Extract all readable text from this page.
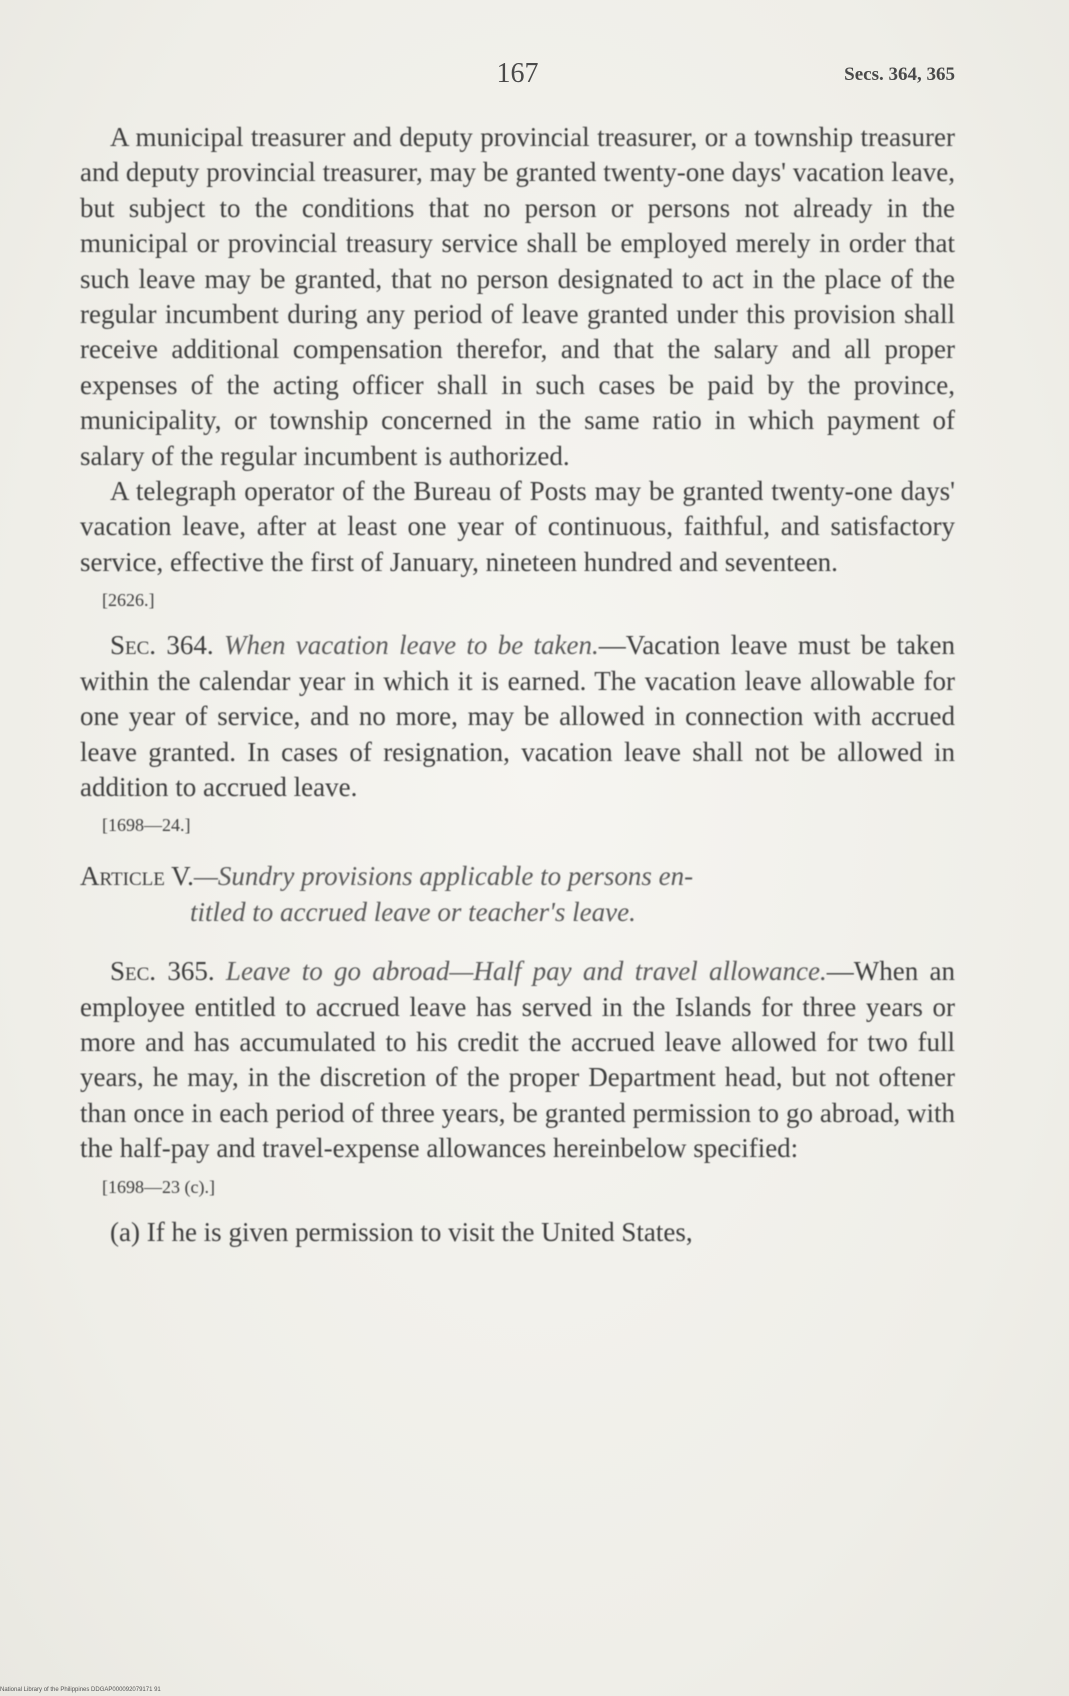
167	Secs. 364, 365

A municipal treasurer and deputy provincial treasurer, or a township treasurer and deputy provincial treasurer, may be granted twenty-one days' vacation leave, but subject to the conditions that no person or persons not already in the municipal or provincial treasury service shall be employed merely in order that such leave may be granted, that no person designated to act in the place of the regular incumbent during any period of leave granted under this provision shall receive additional compensation therefor, and that the salary and all proper expenses of the acting officer shall in such cases be paid by the province, municipality, or township concerned in the same ratio in which payment of salary of the regular incumbent is authorized.

A telegraph operator of the Bureau of Posts may be granted twenty-one days' vacation leave, after at least one year of continuous, faithful, and satisfactory service, effective the first of January, nineteen hundred and seventeen.

[2626.]

Sec. 364. When vacation leave to be taken.—Vacation leave must be taken within the calendar year in which it is earned. The vacation leave allowable for one year of service, and no more, may be allowed in connection with accrued leave granted. In cases of resignation, vacation leave shall not be allowed in addition to accrued leave.

[1698—24.]
Article V.—Sundry provisions applicable to persons en-
titled to accrued leave or teacher's leave.

Sec. 365. Leave to go abroad—Half pay and travel allowance.—When an employee entitled to accrued leave has served in the Islands for three years or more and has accumulated to his credit the accrued leave allowed for two full years, he may, in the discretion of the proper Department head, but not oftener than once in each period of three years, be granted permission to go abroad, with the half-pay and travel-expense allowances hereinbelow specified:

[1698—23 (c).]

(a) If he is given permission to visit the United States,

National Library of the Philippines DDGAP000092079171 91
